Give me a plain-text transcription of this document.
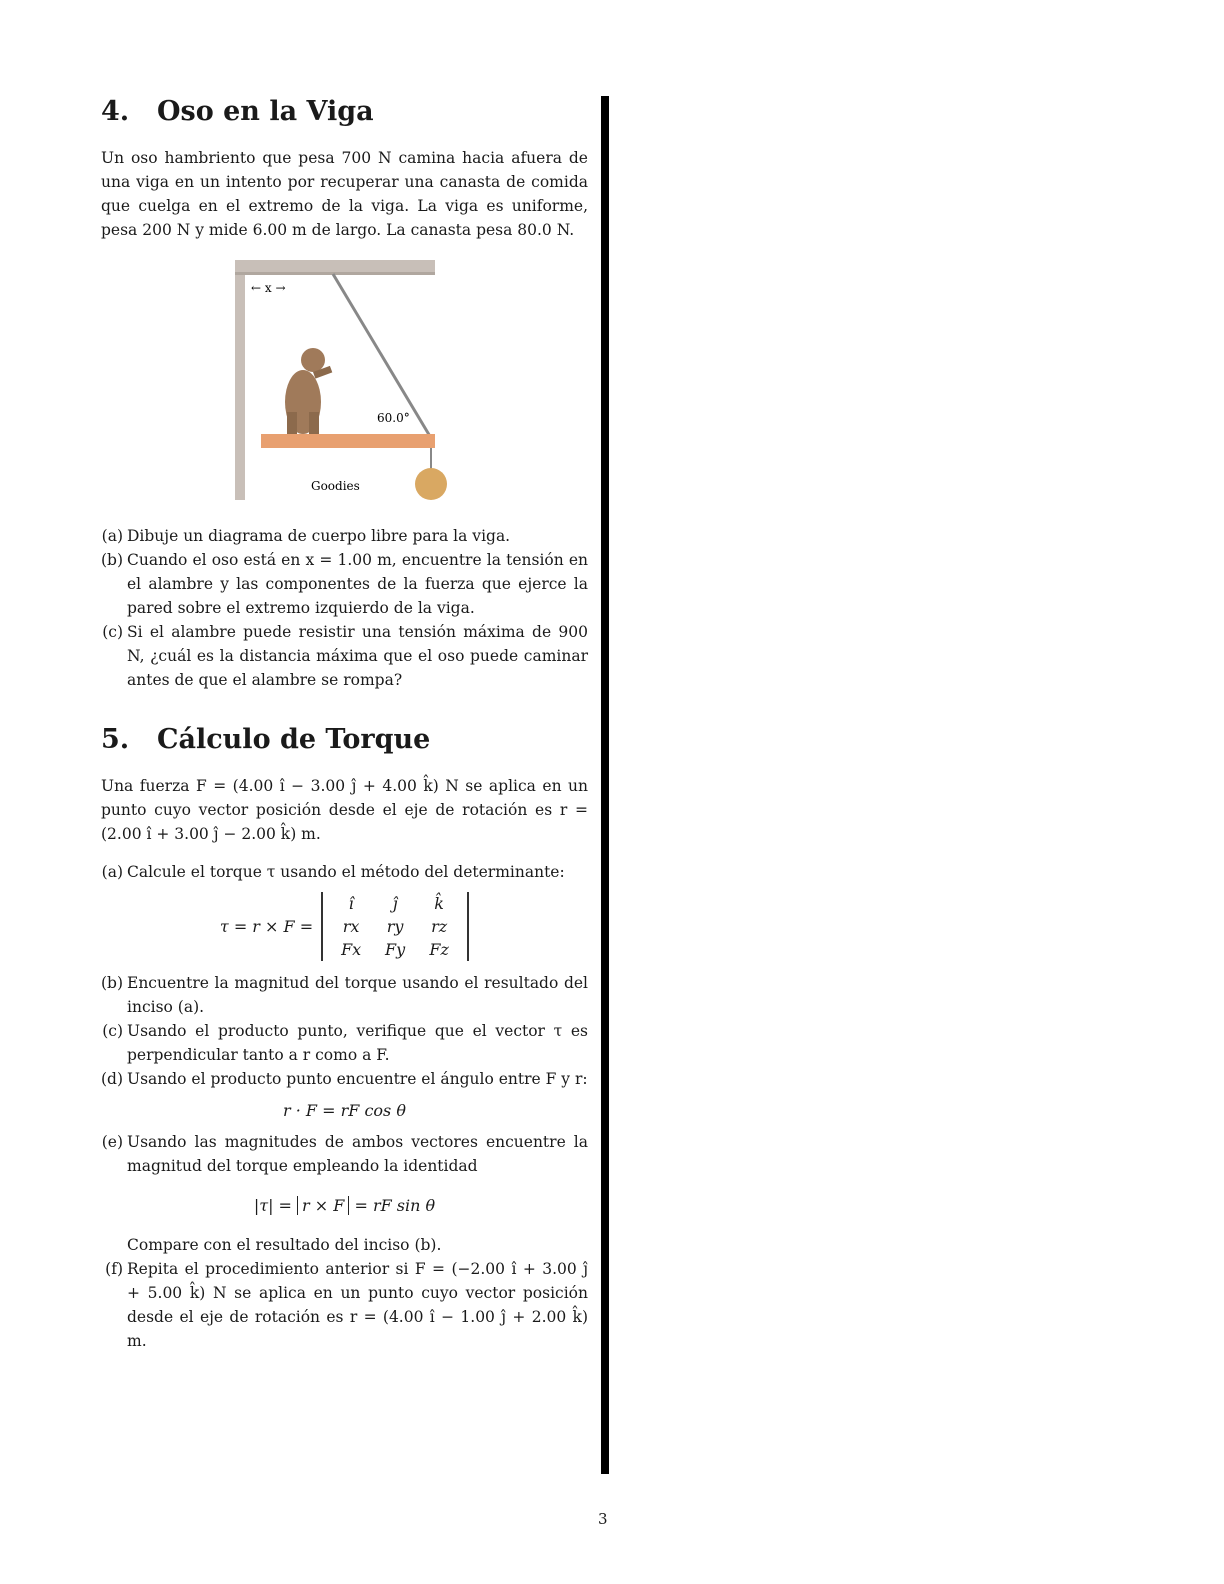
4.	Oso en la Viga

Un oso hambriento que pesa 700 N camina hacia afuera de una viga en un intento por recuperar una canasta de comida que cuelga en el extremo de la viga. La viga es uniforme, pesa 200 N y mide 6.00 m de largo. La canasta pesa 80.0 N.

← x →
60.0°
Goodies
(a) Dibuje un diagrama de cuerpo libre para la viga.
(b) Cuando el oso está en x = 1.00 m, encuentre la tensión en el alambre y las componentes de la fuerza que ejerce la pared sobre el extremo izquierdo de la viga.
(c) Si el alambre puede resistir una tensión máxima de 900 N, ¿cuál es la distancia máxima que el oso puede caminar antes de que el alambre se rompa?
5.	Cálculo de Torque

Una fuerza F = (4.00 î − 3.00 ĵ + 4.00 k̂) N se aplica en un punto cuyo vector posición desde el eje de rotación es r = (2.00 î + 3.00 ĵ − 2.00 k̂) m.

(a) Calcule el torque τ usando el método del determinante:
τ = r × F =
î	ĵ	k̂
rx	ry	rz
Fx	Fy	Fz
(b) Encuentre la magnitud del torque usando el resultado del inciso (a).
(c) Usando el producto punto, verifique que el vector τ es perpendicular tanto a r como a F.
(d) Usando el producto punto encuentre el ángulo entre F y r:
r · F = rF cos θ
(e) Usando las magnitudes de ambos vectores encuentre la magnitud del torque empleando la identidad
|τ| = r × F = rF sin θ

Compare con el resultado del inciso (b).

(f) Repita el procedimiento anterior si F = (−2.00 î + 3.00 ĵ + 5.00 k̂) N se aplica en un punto cuyo vector posición desde el eje de rotación es r = (4.00 î − 1.00 ĵ + 2.00 k̂) m.
3
